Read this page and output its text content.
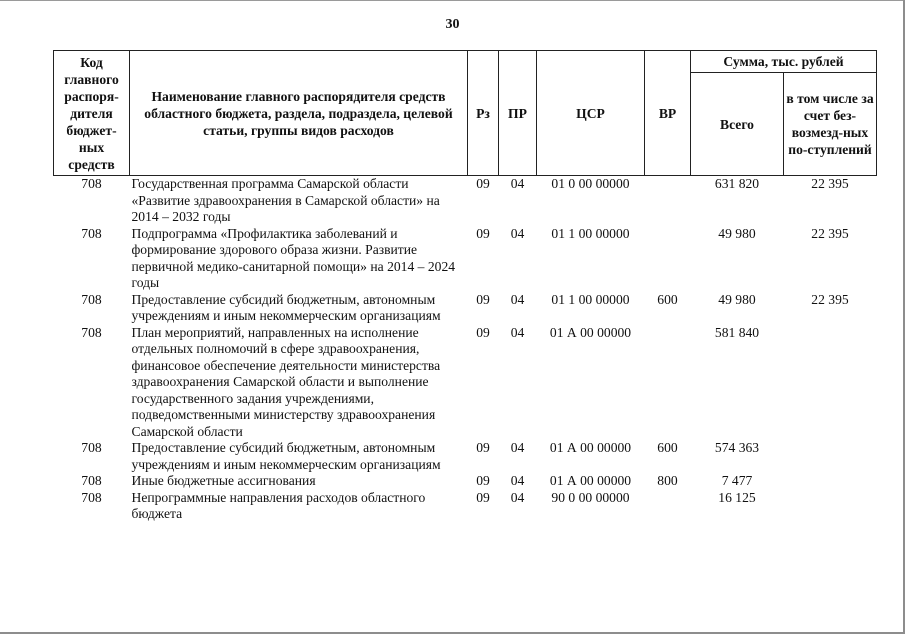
30
Код главного распоря-дителя бюджет-ных средств	Наименование главного распорядителя средств областного бюджета, раздела, подраздела, целевой статьи, группы видов расходов	Рз	ПР	ЦСР	ВР	Сумма, тыс. рублей	
						Всего	в том числе за счет без-возмезд-ных по-ступлений
708	Государственная программа Самарской области «Развитие здравоохранения в Самарской области» на 2014 – 2032 годы	09	04	01 0 00 00000		631 820	22 395
708	Подпрограмма «Профилактика заболеваний и формирование здорового образа жизни. Развитие первичной медико-санитарной помощи» на 2014 – 2024 годы	09	04	01 1 00 00000		49 980	22 395
708	Предоставление субсидий бюджетным, автономным учреждениям и иным некоммерческим организациям	09	04	01 1 00 00000	600	49 980	22 395
708	План мероприятий, направленных на исполнение отдельных полномочий в сфере здравоохранения, финансовое обеспечение деятельности министерства здравоохранения Самарской области и выполнение государственного задания учреждениями, подведомственными министерству здравоохранения Самарской области	09	04	01 А 00 00000		581 840	
708	Предоставление субсидий бюджетным, автономным учреждениям и иным некоммерческим организациям	09	04	01 А 00 00000	600	574 363	
708	Иные бюджетные ассигнования	09	04	01 А 00 00000	800	7 477	
708	Непрограммные направления расходов областного бюджета	09	04	90 0 00 00000		16 125	
